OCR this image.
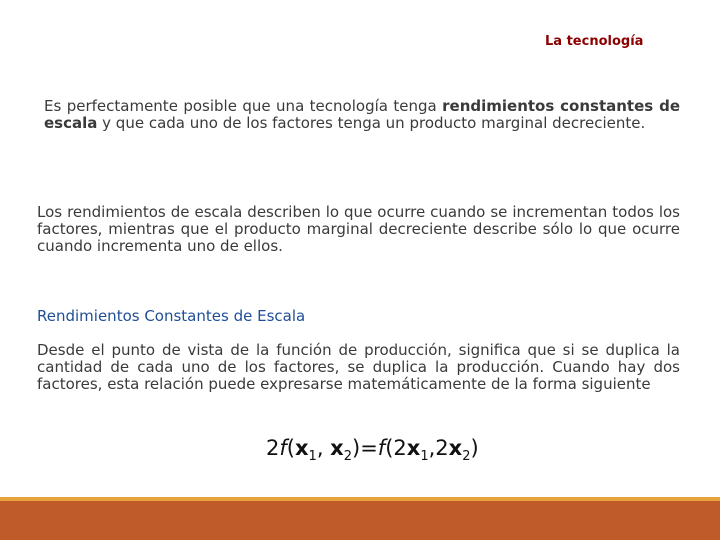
La tecnología
Es perfectamente posible que una tecnología tenga rendimientos constantes de escala y que cada uno de los factores tenga un producto marginal decreciente.
Los rendimientos de escala describen lo que ocurre cuando se incrementan todos los factores, mientras que el producto marginal decreciente describe sólo lo que ocurre cuando incrementa uno de ellos.
Rendimientos Constantes de Escala
Desde el punto de vista de la función de producción, significa que si se duplica la cantidad de cada uno de los factores, se duplica la producción. Cuando hay dos factores, esta relación puede expresarse matemáticamente de la forma siguiente
$2f(x_1$, $x_2)=f(2x_1,2x_2)$
